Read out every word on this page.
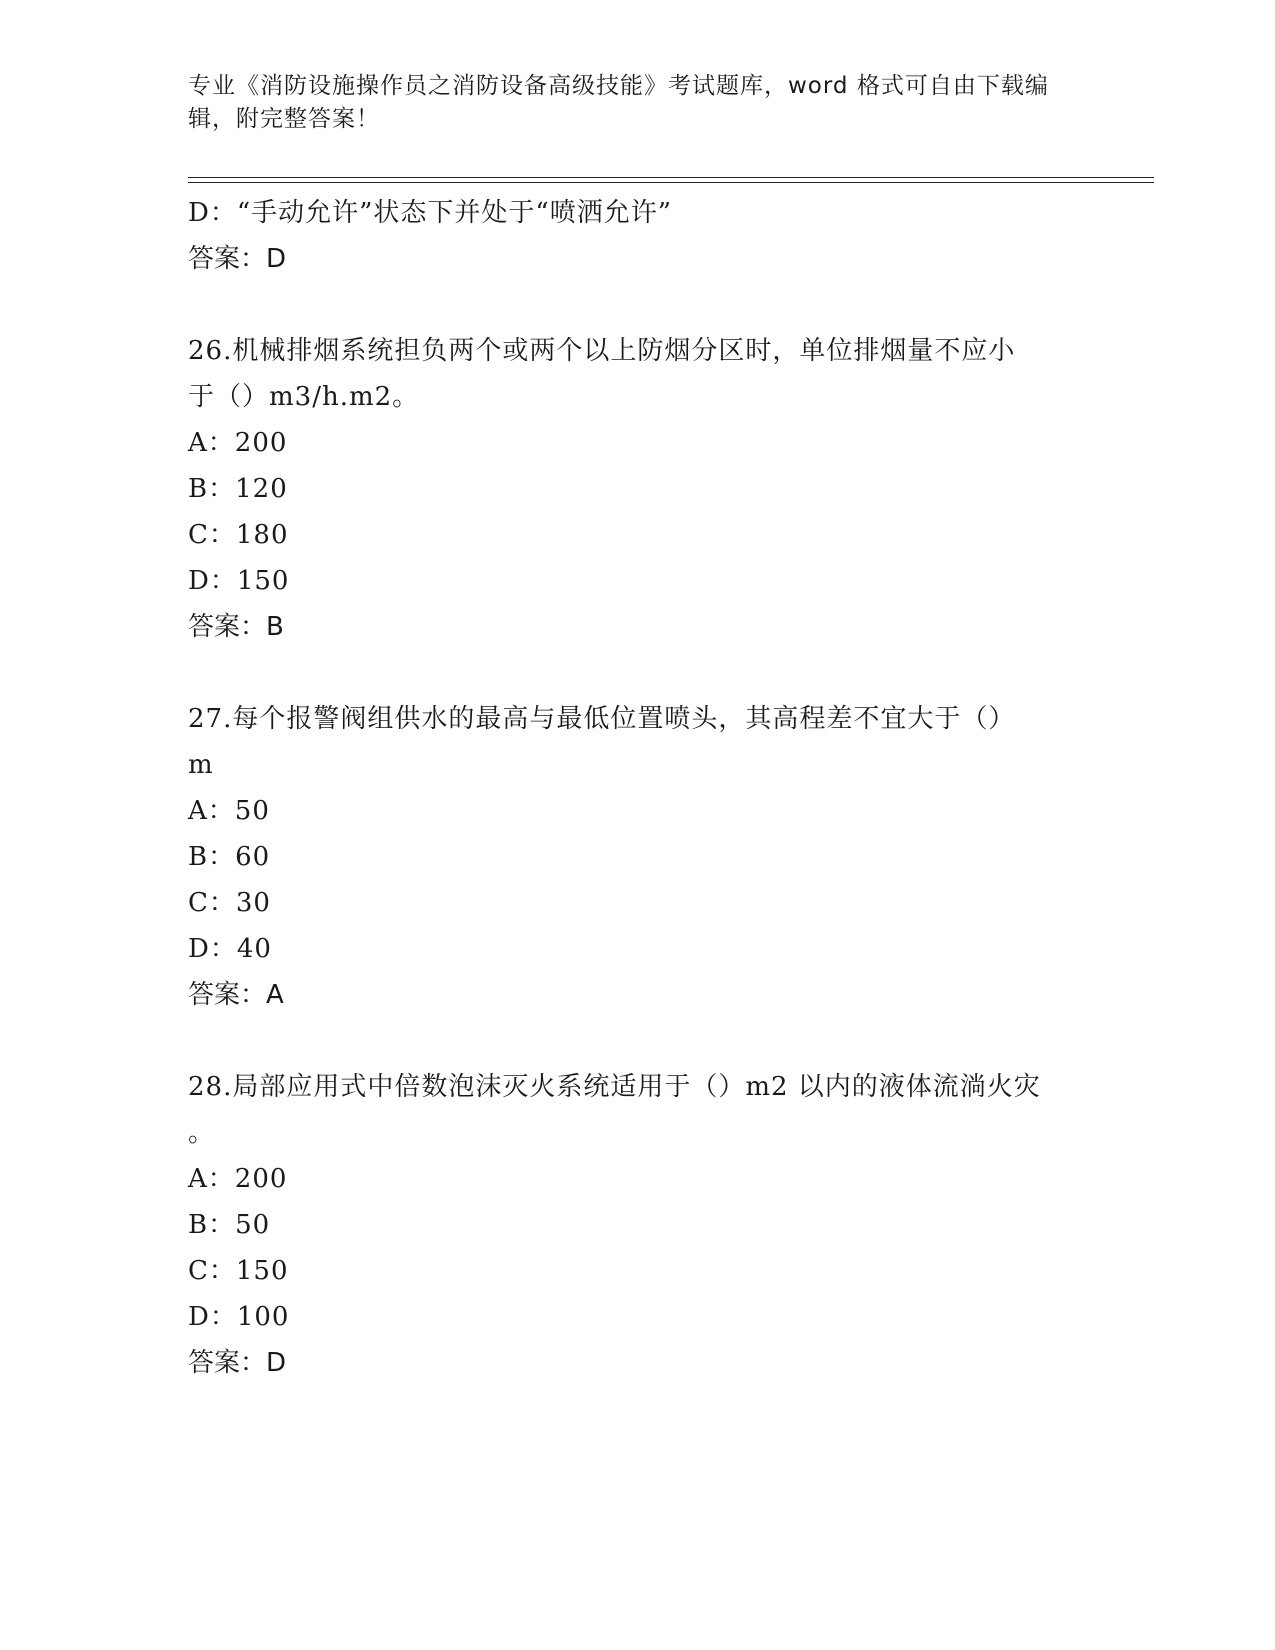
专业《消防设施操作员之消防设备高级技能》考试题库，word 格式可自由下载编
辑，附完整答案！
D：“手动允许”状态下并处于“喷洒允许”
答案：D
26.机械排烟系统担负两个或两个以上防烟分区时，单位排烟量不应小
于（）m3/h.m2。
A：200
B：120
C：180
D：150
答案：B
27.每个报警阀组供水的最高与最低位置喷头，其高程差不宜大于（）
m
A：50
B：60
C：30
D：40
答案：A
28.局部应用式中倍数泡沫灭火系统适用于（）m2 以内的液体流淌火灾
。
A：200
B：50
C：150
D：100
答案：D
